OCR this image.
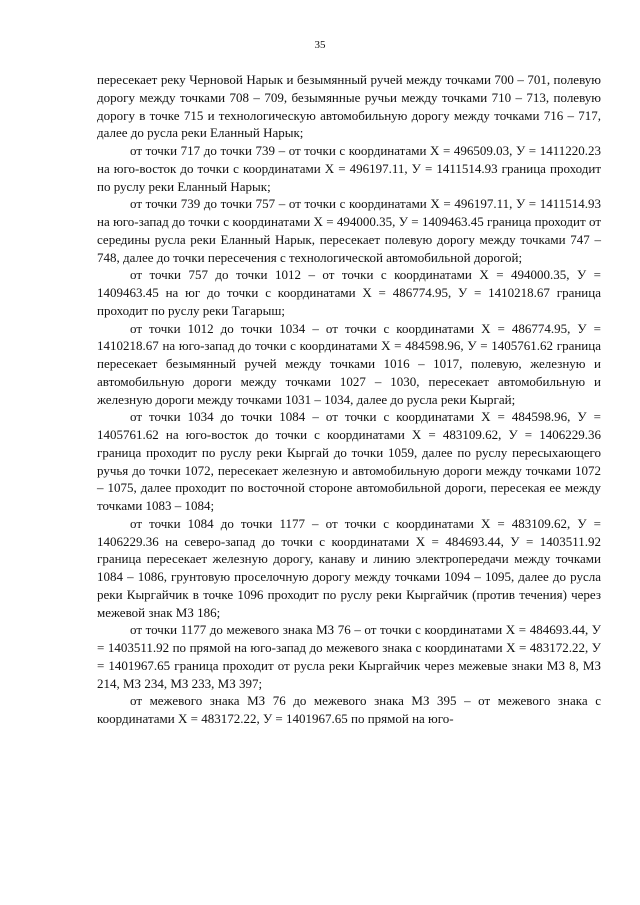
35

пересекает реку Черновой Нарык и безымянный ручей между точками 700 – 701, полевую дорогу между точками 708 – 709, безымянные ручьи между точками 710 – 713, полевую дорогу в точке 715 и технологическую автомобильную дорогу между точками 716 – 717, далее до русла реки Еланный Нарык;

от точки 717 до точки 739 – от точки с координатами Х = 496509.03, У = 1411220.23 на юго-восток до точки с координатами Х = 496197.11, У = 1411514.93 граница проходит по руслу реки Еланный Нарык;

от точки 739 до точки 757 – от точки с координатами Х = 496197.11, У = 1411514.93 на юго-запад до точки с координатами Х = 494000.35, У = 1409463.45 граница проходит от середины русла реки Еланный Нарык, пересекает полевую дорогу между точками 747 – 748, далее до точки пересечения с технологической автомобильной дорогой;

от точки 757 до точки 1012 – от точки с координатами Х = 494000.35, У = 1409463.45 на юг до точки с координатами Х = 486774.95, У = 1410218.67 граница проходит по руслу реки Тагарыш;

от точки 1012 до точки 1034 – от точки с координатами Х = 486774.95, У = 1410218.67 на юго-запад до точки с координатами Х = 484598.96, У = 1405761.62 граница пересекает безымянный ручей между точками 1016 – 1017, полевую, железную и автомобильную дороги между точками 1027 – 1030, пересекает автомобильную и железную дороги между точками 1031 – 1034, далее до русла реки Кыргай;

от точки 1034 до точки 1084 – от точки с координатами Х = 484598.96, У = 1405761.62 на юго-восток до точки с координатами Х = 483109.62, У = 1406229.36 граница проходит по руслу реки Кыргай до точки 1059, далее по руслу пересыхающего ручья до точки 1072, пересекает железную и автомобильную дороги между точками 1072 – 1075, далее проходит по восточной стороне автомобильной дороги, пересекая ее между точками 1083 – 1084;

от точки 1084 до точки 1177 – от точки с координатами Х = 483109.62, У = 1406229.36 на северо-запад до точки с координатами Х = 484693.44, У = 1403511.92 граница пересекает железную дорогу, канаву и линию электропередачи между точками 1084 – 1086, грунтовую проселочную дорогу между точками 1094 – 1095, далее до русла реки Кыргайчик в точке 1096 проходит по руслу реки Кыргайчик (против течения) через межевой знак МЗ 186;

от точки 1177 до межевого знака МЗ 76 – от точки с координатами Х = 484693.44, У = 1403511.92 по прямой на юго-запад до межевого знака с координатами Х = 483172.22, У = 1401967.65 граница проходит от русла реки Кыргайчик через межевые знаки МЗ 8, МЗ 214, МЗ 234, МЗ 233, МЗ 397;

от межевого знака МЗ 76 до межевого знака МЗ 395 – от межевого знака с координатами Х = 483172.22, У = 1401967.65 по прямой на юго-
